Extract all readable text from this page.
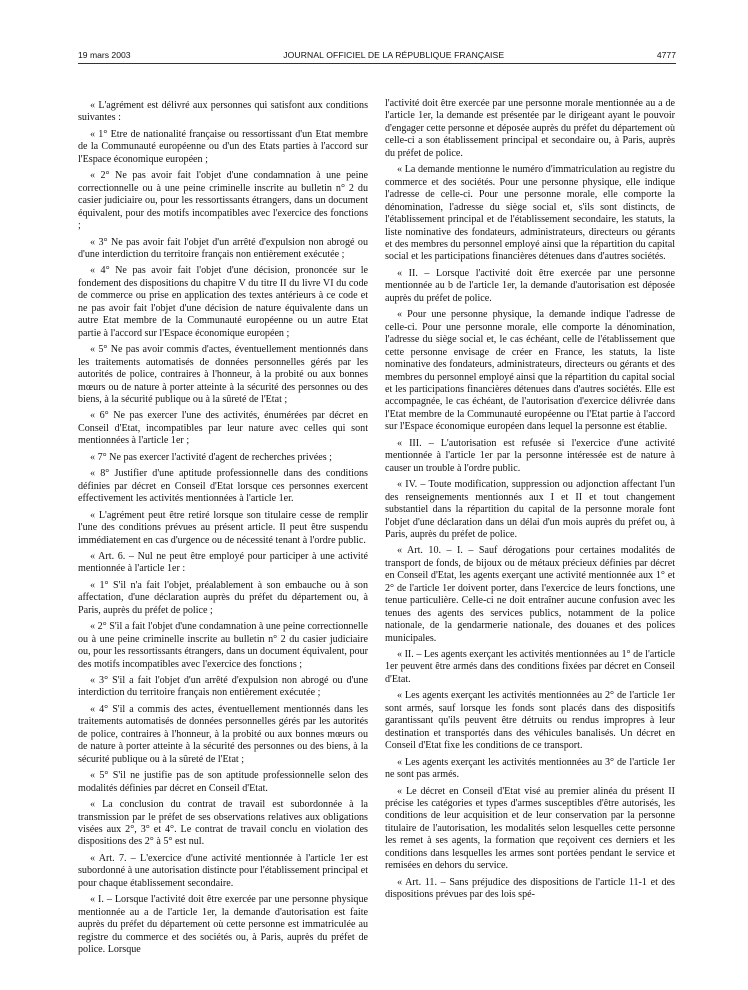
19 mars 2003	JOURNAL OFFICIEL DE LA RÉPUBLIQUE FRANÇAISE	4777

« L'agrément est délivré aux personnes qui satisfont aux conditions suivantes :

« 1° Etre de nationalité française ou ressortissant d'un Etat membre de la Communauté européenne ou d'un des Etats parties à l'accord sur l'Espace économique européen ;

« 2° Ne pas avoir fait l'objet d'une condamnation à une peine correctionnelle ou à une peine criminelle inscrite au bulletin n° 2 du casier judiciaire ou, pour les ressortissants étrangers, dans un document équivalent, pour des motifs incompatibles avec l'exercice des fonctions ;

« 3° Ne pas avoir fait l'objet d'un arrêté d'expulsion non abrogé ou d'une interdiction du territoire français non entièrement exécutée ;

« 4° Ne pas avoir fait l'objet d'une décision, prononcée sur le fondement des dispositions du chapitre V du titre II du livre VI du code de commerce ou prise en application des textes antérieurs à ce code et ne pas avoir fait l'objet d'une décision de nature équivalente dans un autre Etat membre de la Communauté européenne ou un autre Etat partie à l'accord sur l'Espace économique européen ;

« 5° Ne pas avoir commis d'actes, éventuellement mentionnés dans les traitements automatisés de données personnelles gérés par les autorités de police, contraires à l'honneur, à la probité ou aux bonnes mœurs ou de nature à porter atteinte à la sécurité des personnes ou des biens, à la sécurité publique ou à la sûreté de l'Etat ;

« 6° Ne pas exercer l'une des activités, énumérées par décret en Conseil d'Etat, incompatibles par leur nature avec celles qui sont mentionnées à l'article 1er ;

« 7° Ne pas exercer l'activité d'agent de recherches privées ;

« 8° Justifier d'une aptitude professionnelle dans des conditions définies par décret en Conseil d'Etat lorsque ces personnes exercent effectivement les activités mentionnées à l'article 1er.

« L'agrément peut être retiré lorsque son titulaire cesse de remplir l'une des conditions prévues au présent article. Il peut être suspendu immédiatement en cas d'urgence ou de nécessité tenant à l'ordre public.

« Art. 6. – Nul ne peut être employé pour participer à une activité mentionnée à l'article 1er :

« 1° S'il n'a fait l'objet, préalablement à son embauche ou à son affectation, d'une déclaration auprès du préfet du département ou, à Paris, auprès du préfet de police ;

« 2° S'il a fait l'objet d'une condamnation à une peine correctionnelle ou à une peine criminelle inscrite au bulletin n° 2 du casier judiciaire ou, pour les ressortissants étrangers, dans un document équivalent, pour des motifs incompatibles avec l'exercice des fonctions ;

« 3° S'il a fait l'objet d'un arrêté d'expulsion non abrogé ou d'une interdiction du territoire français non entièrement exécutée ;

« 4° S'il a commis des actes, éventuellement mentionnés dans les traitements automatisés de données personnelles gérés par les autorités de police, contraires à l'honneur, à la probité ou aux bonnes mœurs ou de nature à porter atteinte à la sécurité des personnes ou des biens, à la sécurité publique ou à la sûreté de l'Etat ;

« 5° S'il ne justifie pas de son aptitude professionnelle selon des modalités définies par décret en Conseil d'Etat.

« La conclusion du contrat de travail est subordonnée à la transmission par le préfet de ses observations relatives aux obligations visées aux 2°, 3° et 4°. Le contrat de travail conclu en violation des dispositions des 2° à 5° est nul.

« Art. 7. – L'exercice d'une activité mentionnée à l'article 1er est subordonné à une autorisation distincte pour l'établissement principal et pour chaque établissement secondaire.

« I. – Lorsque l'activité doit être exercée par une personne physique mentionnée au a de l'article 1er, la demande d'autorisation est faite auprès du préfet du département où cette personne est immatriculée au registre du commerce et des sociétés ou, à Paris, auprès du préfet de police. Lorsque

l'activité doit être exercée par une personne morale mentionnée au a de l'article 1er, la demande est présentée par le dirigeant ayant le pouvoir d'engager cette personne et déposée auprès du préfet du département où celle-ci a son établissement principal et secondaire ou, à Paris, auprès du préfet de police.

« La demande mentionne le numéro d'immatriculation au registre du commerce et des sociétés. Pour une personne physique, elle indique l'adresse de celle-ci. Pour une personne morale, elle comporte la dénomination, l'adresse du siège social et, s'ils sont distincts, de l'établissement principal et de l'établissement secondaire, les statuts, la liste nominative des fondateurs, administrateurs, directeurs ou gérants et des membres du personnel employé ainsi que la répartition du capital social et les participations financières détenues dans d'autres sociétés.

« II. – Lorsque l'activité doit être exercée par une personne mentionnée au b de l'article 1er, la demande d'autorisation est déposée auprès du préfet de police.

« Pour une personne physique, la demande indique l'adresse de celle-ci. Pour une personne morale, elle comporte la dénomination, l'adresse du siège social et, le cas échéant, celle de l'établissement que cette personne envisage de créer en France, les statuts, la liste nominative des fondateurs, administrateurs, directeurs ou gérants et des membres du personnel employé ainsi que la répartition du capital social et les participations financières détenues dans d'autres sociétés. Elle est accompagnée, le cas échéant, de l'autorisation d'exercice délivrée dans l'Etat membre de la Communauté européenne ou l'Etat partie à l'accord sur l'Espace économique européen dans lequel la personne est établie.

« III. – L'autorisation est refusée si l'exercice d'une activité mentionnée à l'article 1er par la personne intéressée est de nature à causer un trouble à l'ordre public.

« IV. – Toute modification, suppression ou adjonction affectant l'un des renseignements mentionnés aux I et II et tout changement substantiel dans la répartition du capital de la personne morale font l'objet d'une déclaration dans un délai d'un mois auprès du préfet ou, à Paris, auprès du préfet de police.

« Art. 10. – I. – Sauf dérogations pour certaines modalités de transport de fonds, de bijoux ou de métaux précieux définies par décret en Conseil d'Etat, les agents exerçant une activité mentionnée aux 1° et 2° de l'article 1er doivent porter, dans l'exercice de leurs fonctions, une tenue particulière. Celle-ci ne doit entraîner aucune confusion avec les tenues des agents des services publics, notamment de la police nationale, de la gendarmerie nationale, des douanes et des polices municipales.

« II. – Les agents exerçant les activités mentionnées au 1° de l'article 1er peuvent être armés dans des conditions fixées par décret en Conseil d'Etat.

« Les agents exerçant les activités mentionnées au 2° de l'article 1er sont armés, sauf lorsque les fonds sont placés dans des dispositifs garantissant qu'ils peuvent être détruits ou rendus impropres à leur destination et transportés dans des véhicules banalisés. Un décret en Conseil d'Etat fixe les conditions de ce transport.

« Les agents exerçant les activités mentionnées au 3° de l'article 1er ne sont pas armés.

« Le décret en Conseil d'Etat visé au premier alinéa du présent II précise les catégories et types d'armes susceptibles d'être autorisés, les conditions de leur acquisition et de leur conservation par la personne titulaire de l'autorisation, les modalités selon lesquelles cette personne les remet à ses agents, la formation que reçoivent ces derniers et les conditions dans lesquelles les armes sont portées pendant le service et remisées en dehors du service.

« Art. 11. – Sans préjudice des dispositions de l'article 11-1 et des dispositions prévues par des lois spé-
